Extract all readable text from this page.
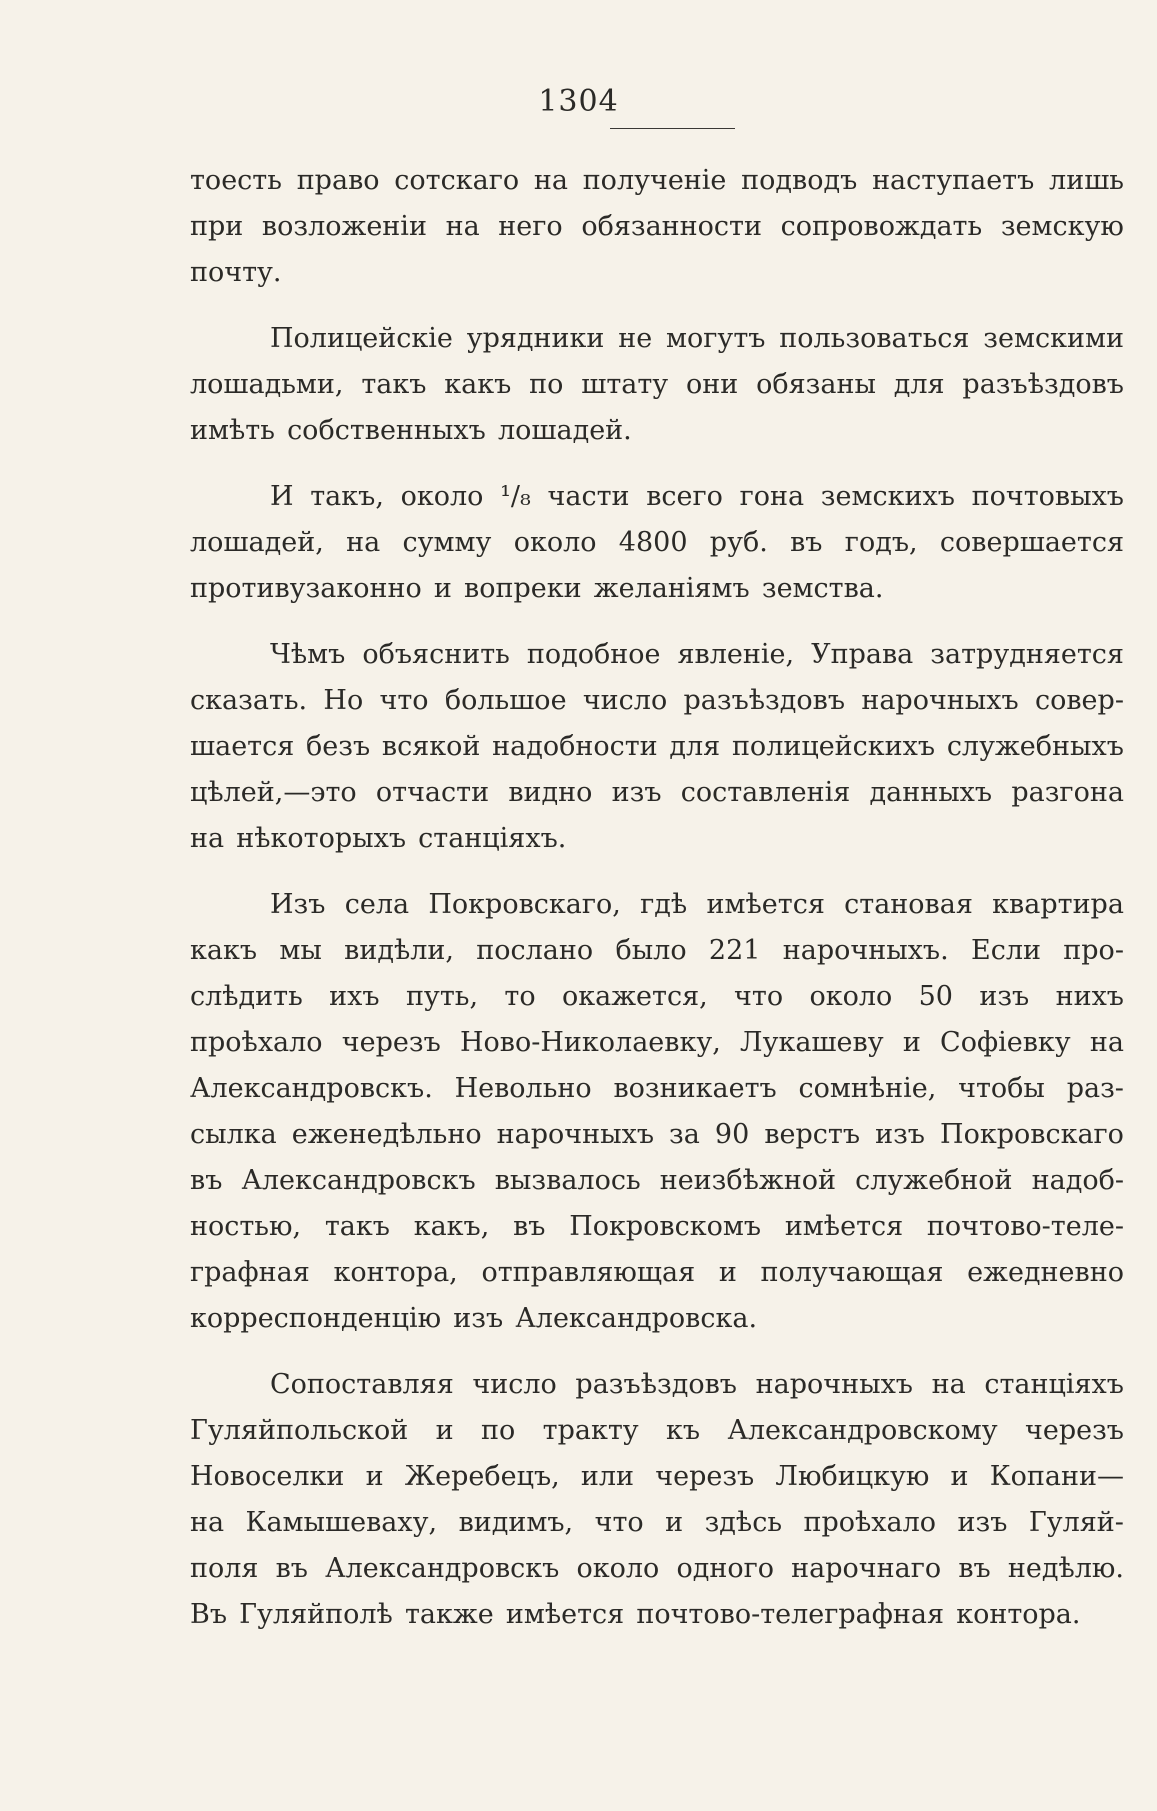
1304
тоесть право сотскаго на полученіе подводъ наступаетъ лишь
при возложеніи на него обязанности сопровождать земскую
почту.
Полицейскіе урядники не могутъ пользоваться земскими
лошадьми, такъ какъ по штату они обязаны для разъѣздовъ
имѣть собственныхъ лошадей.
И такъ, около ¹/₈ части всего гона земскихъ почтовыхъ
лошадей, на сумму около 4800 руб. въ годъ, совершается
противузаконно и вопреки желаніямъ земства.
Чѣмъ объяснить подобное явленіе, Управа затрудняется
сказать. Но что большое число разъѣздовъ нарочныхъ совер-
шается безъ всякой надобности для полицейскихъ служебныхъ
цѣлей,—это отчасти видно изъ составленія данныхъ разгона
на нѣкоторыхъ станціяхъ.
Изъ села Покровскаго, гдѣ имѣется становая квартира
какъ мы видѣли, послано было 221 нарочныхъ. Если про-
слѣдить ихъ путь, то окажется, что около 50 изъ нихъ
проѣхало черезъ Ново-Николаевку, Лукашеву и Софіевку на
Александровскъ. Невольно возникаетъ сомнѣніе, чтобы раз-
сылка еженедѣльно нарочныхъ за 90 верстъ изъ Покровскаго
въ Александровскъ вызвалось неизбѣжной служебной надоб-
ностью, такъ какъ, въ Покровскомъ имѣется почтово-теле-
графная контора, отправляющая и получающая ежедневно
корреспонденцію изъ Александровска.
Сопоставляя число разъѣздовъ нарочныхъ на станціяхъ
Гуляйпольской и по тракту къ Александровскому черезъ
Новоселки и Жеребецъ, или черезъ Любицкую и Копани—
на Камышеваху, видимъ, что и здѣсь проѣхало изъ Гуляй-
поля въ Александровскъ около одного нарочнаго въ недѣлю.
Въ Гуляйполѣ также имѣется почтово-телеграфная контора.
